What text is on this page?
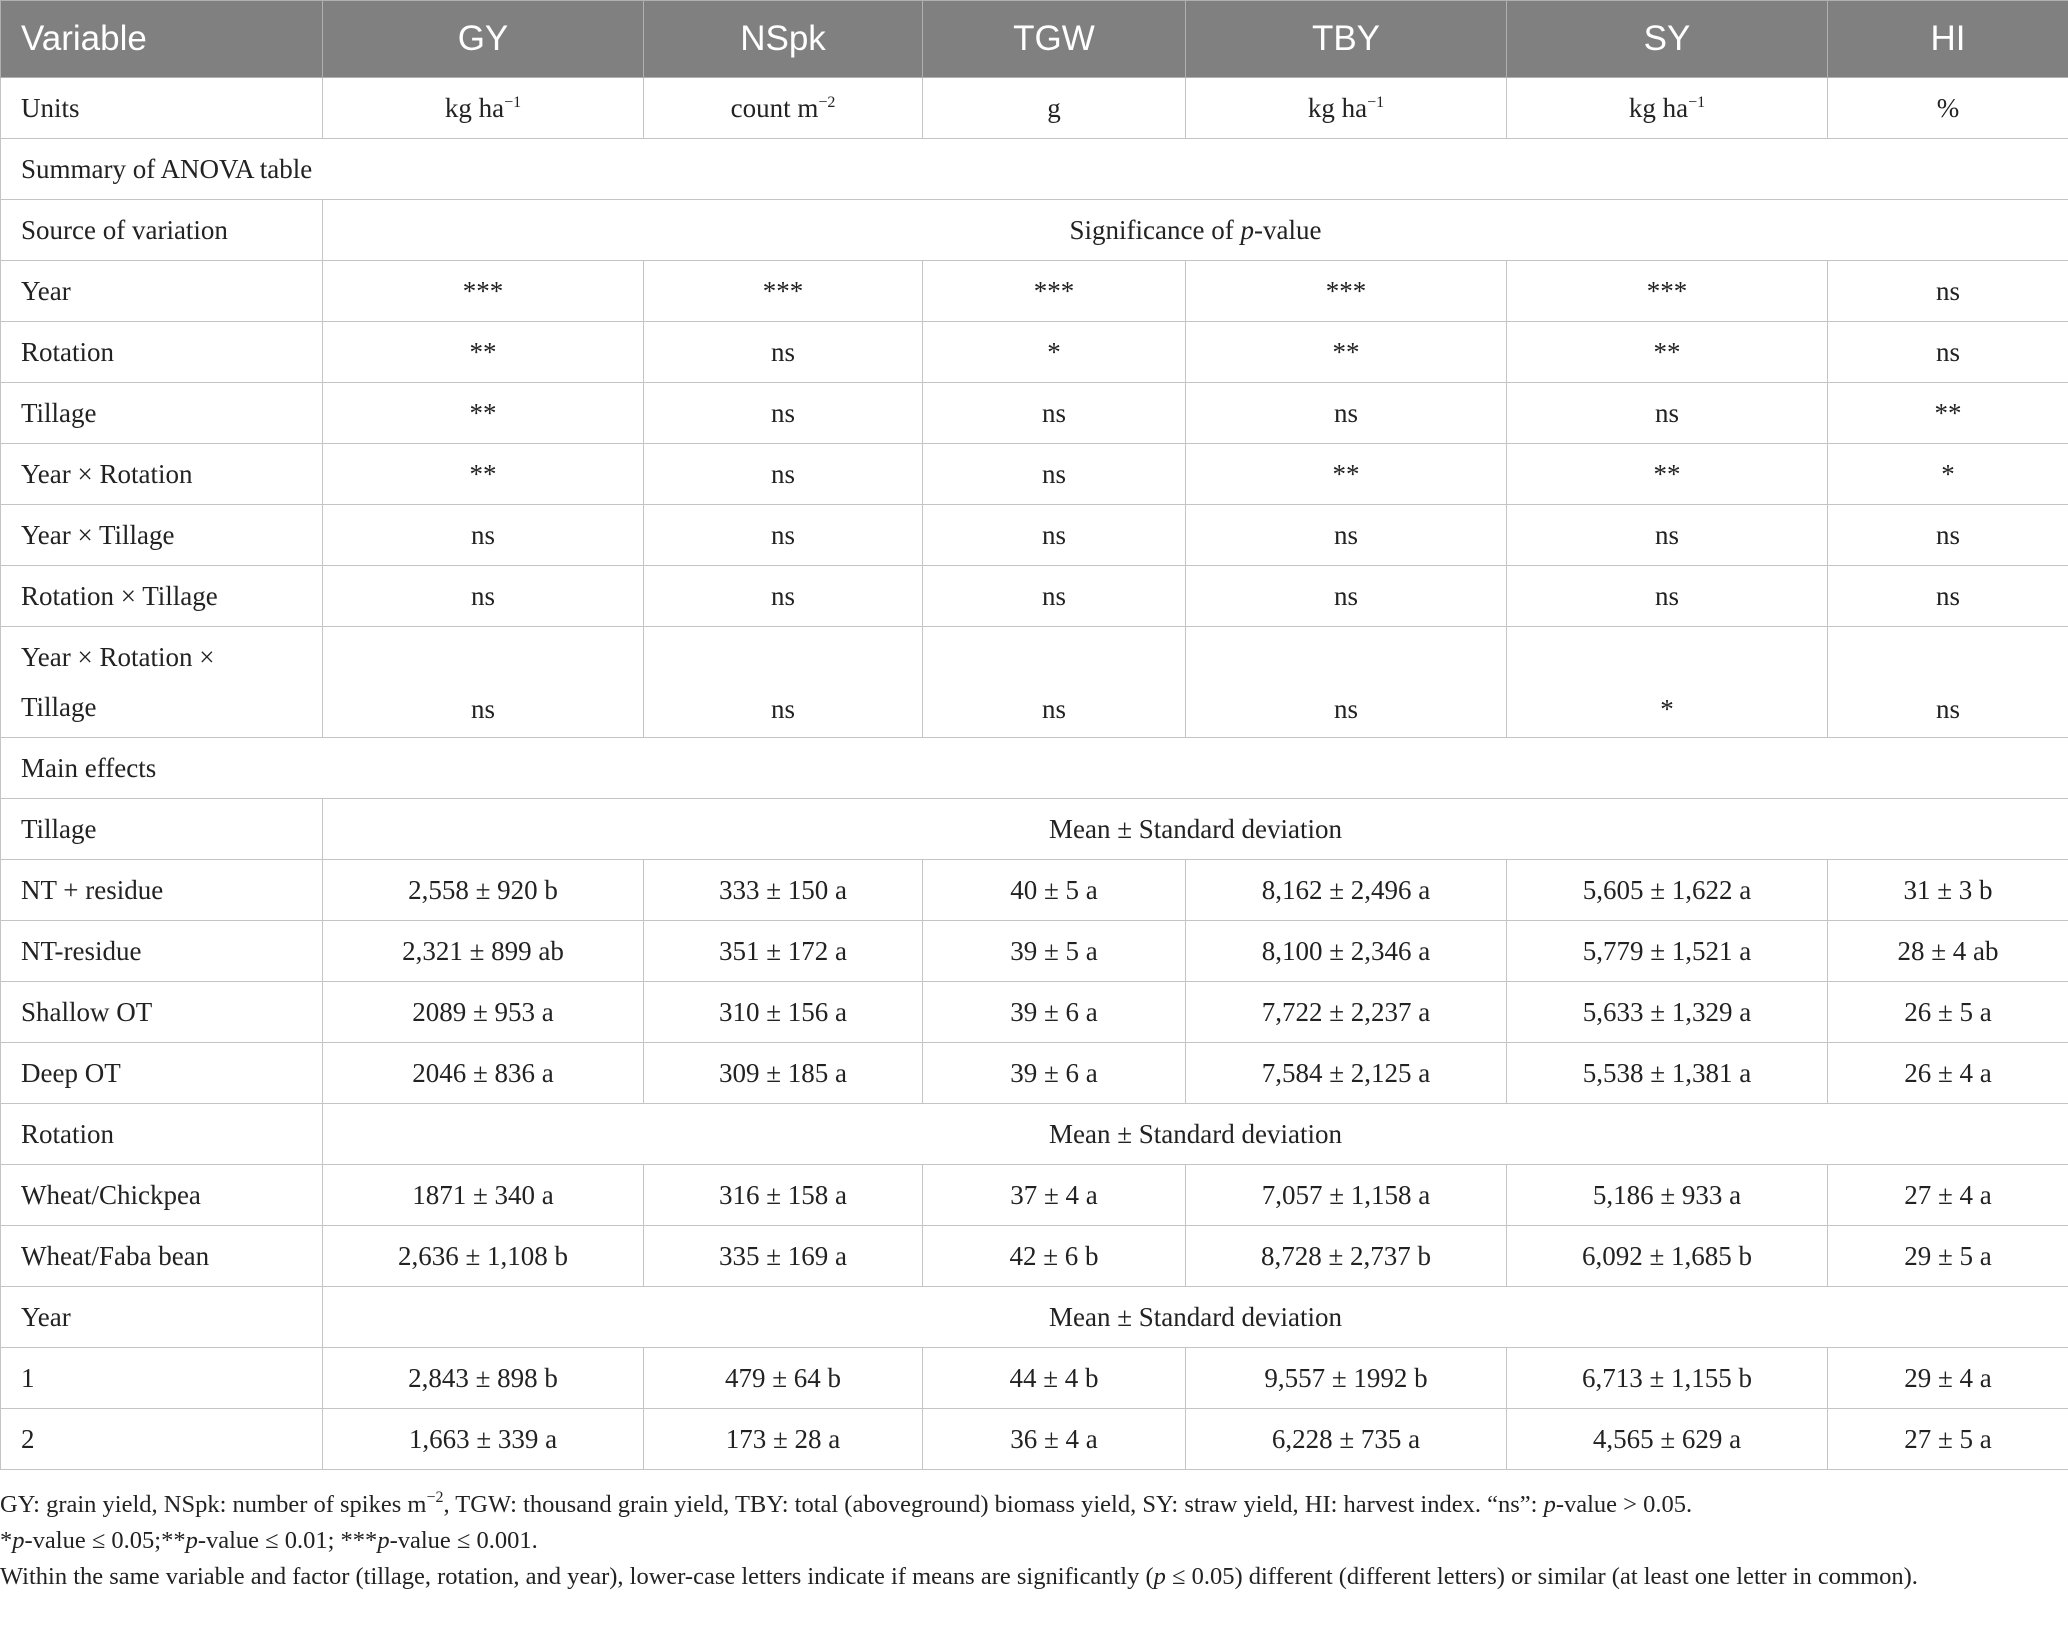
Variable	GY	NSpk	TGW	TBY	SY	HI
Units	kg $ha^{-1}$	count $m^{-2}$	g	kg $ha^{-1}$	kg $ha^{-1}$	%
Summary of ANOVA table						
Source of variation	Significance of p-value					
Year	***	***	***	***	***	ns
Rotation	**	ns	*	**	**	ns
Tillage	**	ns	ns	ns	ns	**
Year × Rotation	**	ns	ns	**	**	*
Year × Tillage	ns	ns	ns	ns	ns	ns
Rotation × Tillage	ns	ns	ns	ns	ns	ns
Year × Rotation ×
Tillage	ns	ns	ns	ns	*	ns
Main effects						
Tillage	Mean ± Standard deviation					
NT + residue	2,558 ± 920 b	333 ± 150 a	40 ± 5 a	8,162 ± 2,496 a	5,605 ± 1,622 a	31 ± 3 b
NT-residue	2,321 ± 899 ab	351 ± 172 a	39 ± 5 a	8,100 ± 2,346 a	5,779 ± 1,521 a	28 ± 4 ab
Shallow OT	2089 ± 953 a	310 ± 156 a	39 ± 6 a	7,722 ± 2,237 a	5,633 ± 1,329 a	26 ± 5 a
Deep OT	2046 ± 836 a	309 ± 185 a	39 ± 6 a	7,584 ± 2,125 a	5,538 ± 1,381 a	26 ± 4 a
Rotation	Mean ± Standard deviation					
Wheat/Chickpea	1871 ± 340 a	316 ± 158 a	37 ± 4 a	7,057 ± 1,158 a	5,186 ± 933 a	27 ± 4 a
Wheat/Faba bean	2,636 ± 1,108 b	335 ± 169 a	42 ± 6 b	8,728 ± 2,737 b	6,092 ± 1,685 b	29 ± 5 a
Year	Mean ± Standard deviation					
1	2,843 ± 898 b	479 ± 64 b	44 ± 4 b	9,557 ± 1992 b	6,713 ± 1,155 b	29 ± 4 a
2	1,663 ± 339 a	173 ± 28 a	36 ± 4 a	6,228 ± 735 a	4,565 ± 629 a	27 ± 5 a

GY: grain yield, NSpk: number of spikes $m^{-2}$, TGW: thousand grain yield, TBY: total (aboveground) biomass yield, SY: straw yield, HI: harvest index. “ns”: p-value > 0.05.

*p-value ≤ 0.05;**p-value ≤ 0.01; ***p-value ≤ 0.001.

Within the same variable and factor (tillage, rotation, and year), lower-case letters indicate if means are significantly (p ≤ 0.05) different (different letters) or similar (at least one letter in common).
